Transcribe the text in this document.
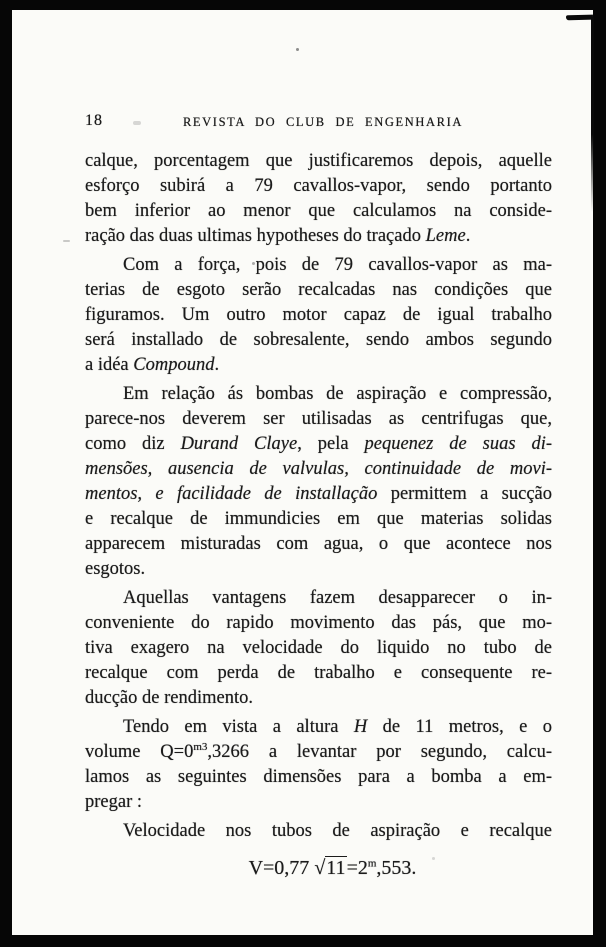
18	REVISTA DO CLUB DE ENGENHARIA
calque, porcentagem que justificaremos depois, aquelle
esforço subirá a 79 cavallos-vapor, sendo portanto
bem inferior ao menor que calculamos na conside-
ração das duas ultimas hypotheses do traçado Leme.
Com a força, pois de 79 cavallos-vapor as ma-
terias de esgoto serão recalcadas nas condições que
figuramos. Um outro motor capaz de igual trabalho
será installado de sobresalente, sendo ambos segundo
a idéa Compound.
Em relação ás bombas de aspiração e compressão,
parece-nos deverem ser utilisadas as centrifugas que,
como diz Durand Claye, pela pequenez de suas di-
mensões, ausencia de valvulas, continuidade de movi-
mentos, e facilidade de installação permittem a sucção
e recalque de immundicies em que materias solidas
apparecem misturadas com agua, o que acontece nos
esgotos.
Aquellas vantagens fazem desapparecer o in-
conveniente do rapido movimento das pás, que mo-
tiva exagero na velocidade do liquido no tubo de
recalque com perda de trabalho e consequente re-
ducção de rendimento.
Tendo em vista a altura H de 11 metros, e o
volume $Q=0^{m3},3266$ a levantar por segundo, calcu-
lamos as seguintes dimensões para a bomba a em-
pregar :
Velocidade nos tubos de aspiração e recalque
V=0,77 $√11=2^m,553$.
